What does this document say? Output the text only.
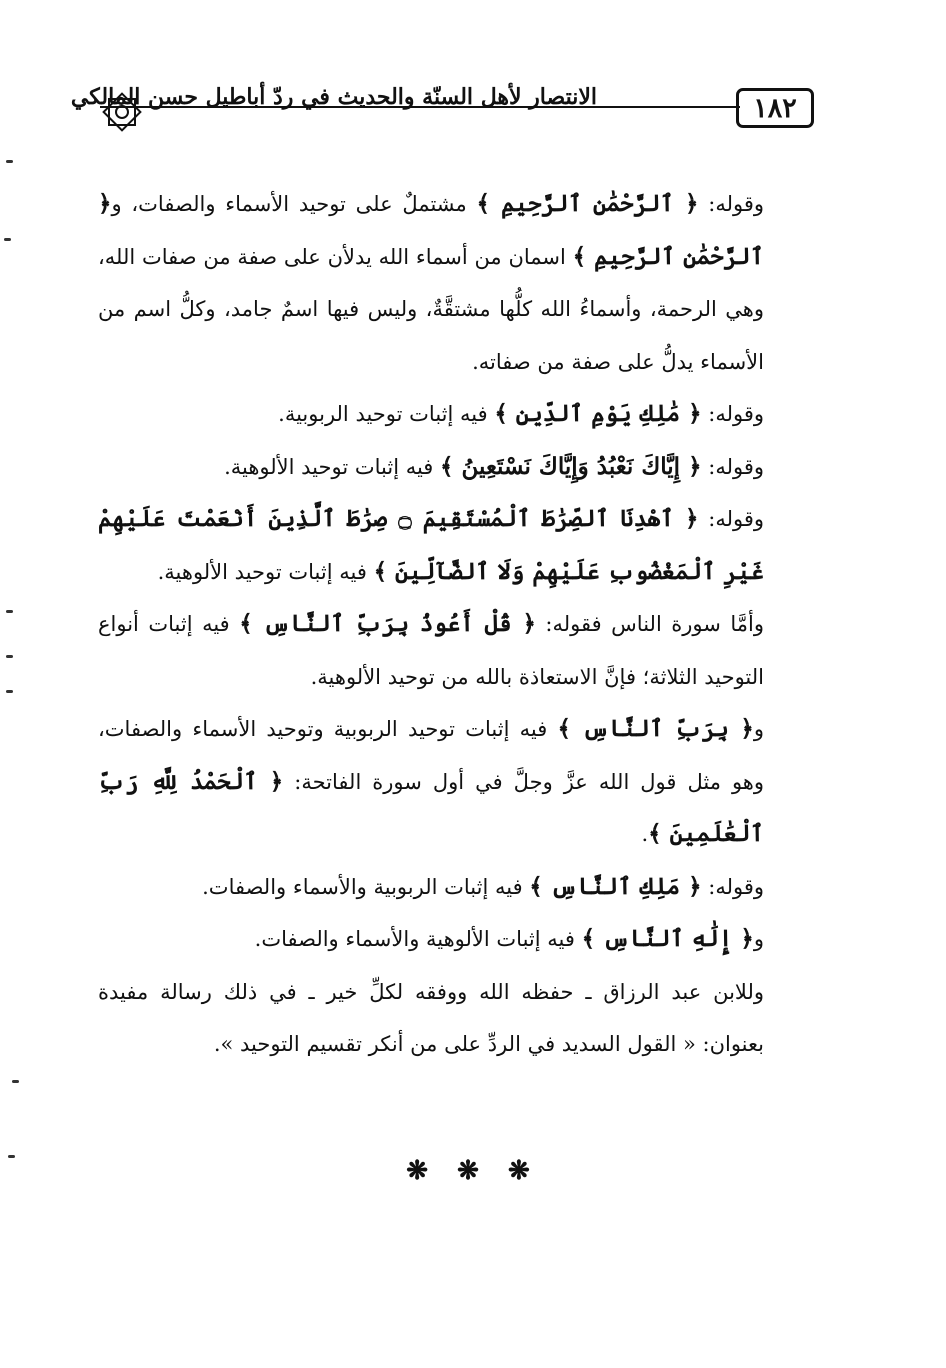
١٨٢
الانتصار لأهل السنّة والحديث في ردّ أباطيل حسن المالكي

وقوله: ﴿ ٱلرَّحْمَٰنِ ٱلرَّحِيمِ ﴾ مشتملٌ على توحيد الأسماء والصفات، و﴿ ٱلرَّحْمَٰنِ ٱلرَّحِيمِ ﴾ اسمان من أسماء الله يدلأن على صفة من صفات الله، وهي الرحمة، وأسماءُ الله كلُّها مشتقَّةٌ، وليس فيها اسمٌ جامد، وكلُّ اسم من الأسماء يدلُّ على صفة من صفاته.

وقوله: ﴿ مَٰلِكِ يَوْمِ ٱلدِّينِ ﴾ فيه إثبات توحيد الربوبية.

وقوله: ﴿ إِيَّاكَ نَعْبُدُ وَإِيَّاكَ نَسْتَعِينُ ﴾ فيه إثبات توحيد الألوهية.

وقوله: ﴿ ٱهْدِنَا ٱلصِّرَٰطَ ٱلْمُسْتَقِيمَ ۝ صِرَٰطَ ٱلَّذِينَ أَنْعَمْتَ عَلَيْهِمْ غَيْرِ ٱلْمَغْضُوبِ عَلَيْهِمْ وَلَا ٱلضَّآلِّينَ ﴾ فيه إثبات توحيد الألوهية.

وأمَّا سورة الناس فقوله: ﴿ قُلْ أَعُوذُ بِرَبِّ ٱلنَّاسِ ﴾ فيه إثبات أنواع التوحيد الثلاثة؛ فإنَّ الاستعاذة بالله من توحيد الألوهية.

و﴿ بِرَبِّ ٱلنَّاسِ ﴾ فيه إثبات توحيد الربوبية وتوحيد الأسماء والصفات، وهو مثل قول الله عزَّ وجلَّ في أول سورة الفاتحة: ﴿ ٱلْحَمْدُ لِلَّهِ رَبِّ ٱلْعَٰلَمِينَ ﴾.

وقوله: ﴿ مَلِكِ ٱلنَّاسِ ﴾ فيه إثبات الربوبية والأسماء والصفات.

و﴿ إِلَٰهِ ٱلنَّاسِ ﴾ فيه إثبات الألوهية والأسماء والصفات.

وللابن عبد الرزاق ـ حفظه الله ووفقه لكلِّ خير ـ في ذلك رسالة مفيدة بعنوان: « القول السديد في الردِّ على من أنكر تقسيم التوحيد ».

❋ ❋ ❋
